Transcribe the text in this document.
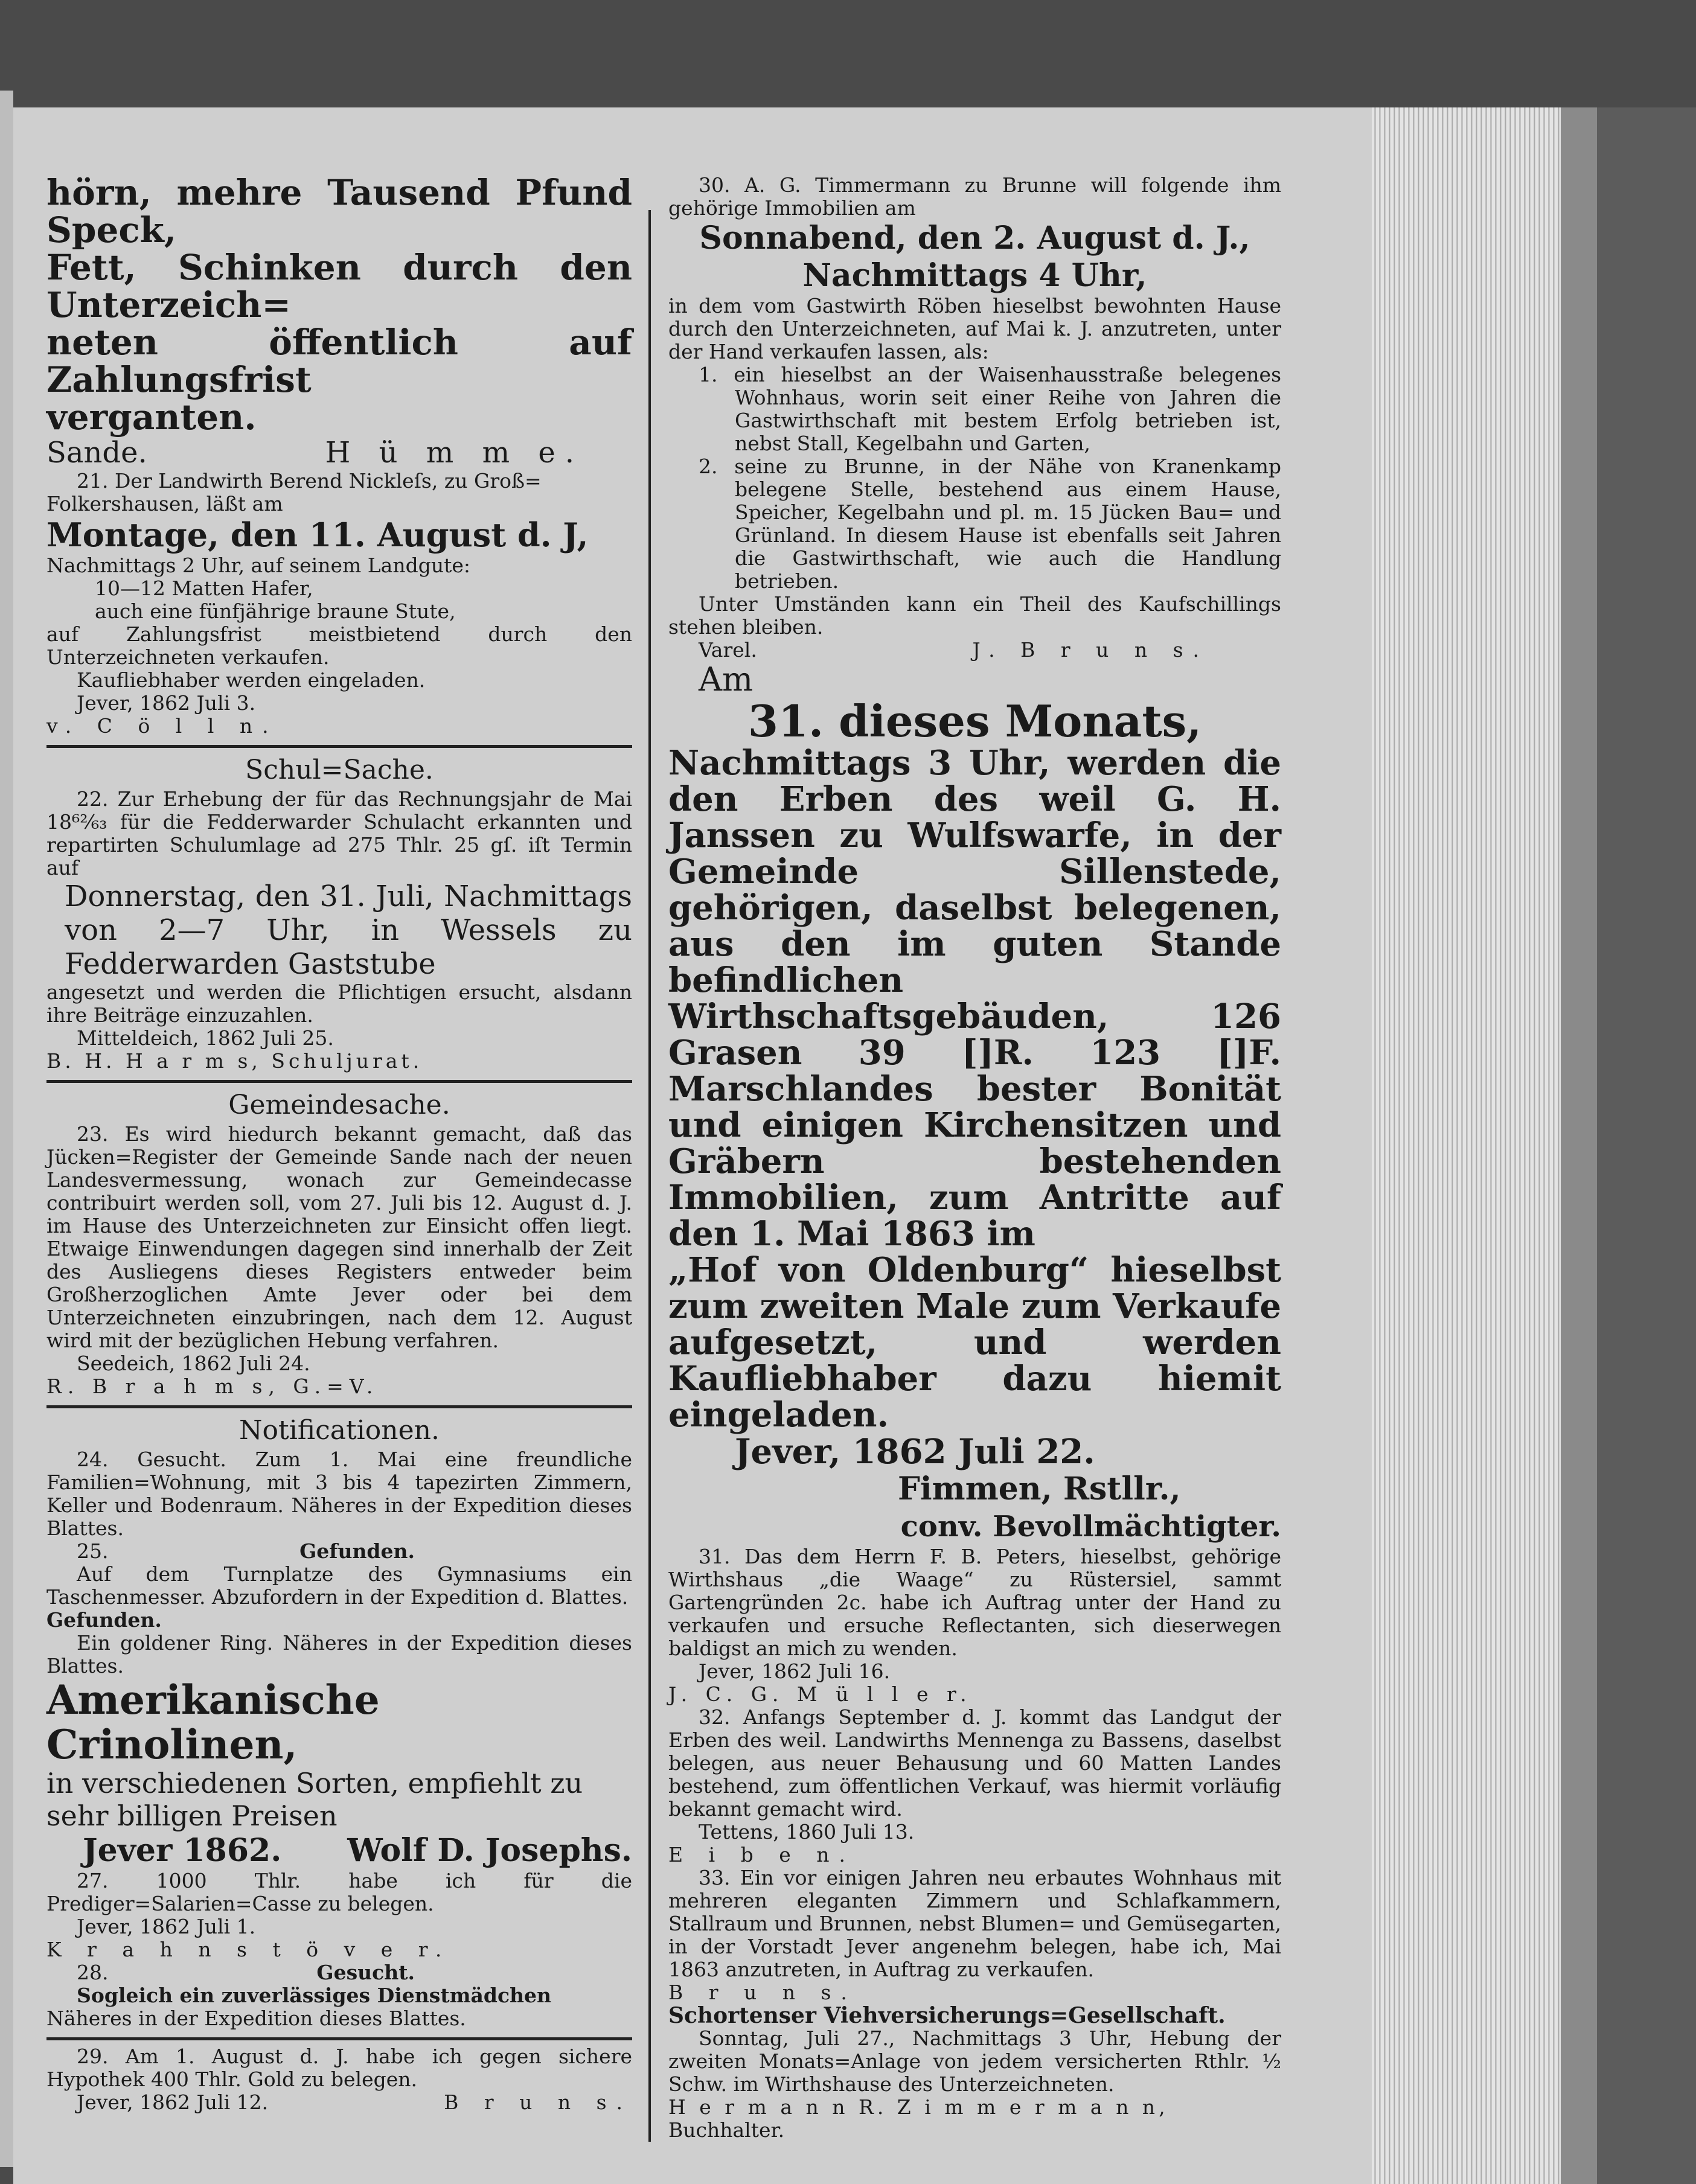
hörn, mehre Tausend Pfund Speck,

Fett, Schinken durch den Unterzeich=

neten öffentlich auf Zahlungsfrist

verganten.

Sande.	H ü m m e.

21. Der Landwirth Berend Nickleſs, zu Groß=

Folkershausen, läßt am

Montage, den 11. August d. J,

Nachmittags 2 Uhr, auf seinem Landgute:

10—12 Matten Hafer,

auch eine fünfjährige braune Stute,

auf Zahlungsfrist meistbietend durch den Unterzeichneten verkaufen.

Kaufliebhaber werden eingeladen.

Jever, 1862 Juli 3.

v. C ö l l n.

Schul=Sache.

22. Zur Erhebung der für das Rechnungsjahr de Mai 18⁶²⁄₆₃ für die Fedderwarder Schulacht erkannten und repartirten Schulumlage ad 275 Thlr. 25 gſ. iſt Termin auf

Donnerstag, den 31. Juli, Nachmittags von 2—7 Uhr, in Wessels zu Fedderwarden Gaststube

angesetzt und werden die Pflichtigen ersucht, alsdann ihre Beiträge einzuzahlen.

Mitteldeich, 1862 Juli 25.

B. H. H a r m s, Schuljurat.

Gemeindesache.

23. Es wird hiedurch bekannt gemacht, daß das Jücken=Register der Gemeinde Sande nach der neuen Landesvermessung, wonach zur Gemeindecasse contribuirt werden soll, vom 27. Juli bis 12. August d. J. im Hause des Unterzeichneten zur Einsicht offen liegt. Etwaige Einwendungen dagegen sind innerhalb der Zeit des Ausliegens dieses Registers entweder beim Großherzoglichen Amte Jever oder bei dem Unterzeichneten einzubringen, nach dem 12. August wird mit der bezüglichen Hebung verfahren.

Seedeich, 1862 Juli 24.

R. B r a h m s, G.=V.

Notificationen.

24. Gesucht. Zum 1. Mai eine freundliche Familien=Wohnung, mit 3 bis 4 tapezirten Zimmern, Keller und Bodenraum. Näheres in der Expedition dieses Blattes.

25.	Gefunden.

Auf dem Turnplatze des Gymnasiums ein Taschenmesser. Abzufordern in der Expedition d. Blattes.

Gefunden.

Ein goldener Ring. Näheres in der Expedition dieses Blattes.

Amerikanische Crinolinen,

in verschiedenen Sorten, empfiehlt zu

sehr billigen Preisen

Jever 1862. Wolf D. Josephs.

27. 1000 Thlr. habe ich für die Prediger=Salarien=Casse zu belegen.

Jever, 1862 Juli 1.

K r a h n s t ö v e r.

28.	Gesucht.

Sogleich ein zuverlässiges Dienstmädchen

Näheres in der Expedition dieses Blattes.

29. Am 1. August d. J. habe ich gegen sichere Hypothek 400 Thlr. Gold zu belegen.

Jever, 1862 Juli 12.	B r u n s.

30. A. G. Timmermann zu Brunne will folgende ihm gehörige Immobilien am

Sonnabend, den 2. August d. J.,

Nachmittags 4 Uhr,

in dem vom Gastwirth Röben hieselbst bewohnten Hause durch den Unterzeichneten, auf Mai k. J. anzutreten, unter der Hand verkaufen lassen, als:

1. ein hieselbst an der Waisenhausstraße belegenes Wohnhaus, worin seit einer Reihe von Jahren die Gastwirthschaft mit bestem Erfolg betrieben ist, nebst Stall, Kegelbahn und Garten,

2. seine zu Brunne, in der Nähe von Kranenkamp belegene Stelle, bestehend aus einem Hause, Speicher, Kegelbahn und pl. m. 15 Jücken Bau= und Grünland. In diesem Hause ist ebenfalls seit Jahren die Gastwirthschaft, wie auch die Handlung betrieben.

Unter Umständen kann ein Theil des Kaufschillings stehen bleiben.

Varel.	J. B r u n s.

Am

31. dieses Monats,

Nachmittags 3 Uhr, werden die den Erben des weil G. H. Janssen zu Wulfswarfe, in der Gemeinde Sillenstede, gehörigen, daselbst belegenen, aus den im guten Stande befindlichen Wirthschaftsgebäuden, 126 Grasen 39 []R. 123 []F. Marschlandes bester Bonität und einigen Kirchensitzen und Gräbern bestehenden Immobilien, zum Antritte auf den 1. Mai 1863 im

„Hof von Oldenburg“ hieselbst zum zweiten Male zum Verkaufe aufgesetzt, und werden Kaufliebhaber dazu hiemit eingeladen.

Jever, 1862 Juli 22.

Fimmen, Rstllr.,

conv. Bevollmächtigter.

31. Das dem Herrn F. B. Peters, hieselbst, gehörige Wirthshaus „die Waage“ zu Rüstersiel, sammt Gartengründen 2c. habe ich Auftrag unter der Hand zu verkaufen und ersuche Reflectanten, sich dieserwegen baldigst an mich zu wenden.

Jever, 1862 Juli 16.

J. C. G. M ü l l e r.

32. Anfangs September d. J. kommt das Landgut der Erben des weil. Landwirths Mennenga zu Bassens, daselbst belegen, aus neuer Behausung und 60 Matten Landes bestehend, zum öffentlichen Verkauf, was hiermit vorläufig bekannt gemacht wird.

Tettens, 1860 Juli 13.

E i b e n.

33. Ein vor einigen Jahren neu erbautes Wohnhaus mit mehreren eleganten Zimmern und Schlafkammern, Stallraum und Brunnen, nebst Blumen= und Gemüsegarten, in der Vorstadt Jever angenehm belegen, habe ich, Mai 1863 anzutreten, in Auftrag zu verkaufen.

B r u n s.

Schortenser Viehversicherungs=Gesellschaft.

Sonntag, Juli 27., Nachmittags 3 Uhr, Hebung der zweiten Monats=Anlage von jedem versicherten Rthlr. ½ Schw. im Wirthshause des Unterzeichneten.

H e r m a n n R. Z i m m e r m a n n,

Buchhalter.
